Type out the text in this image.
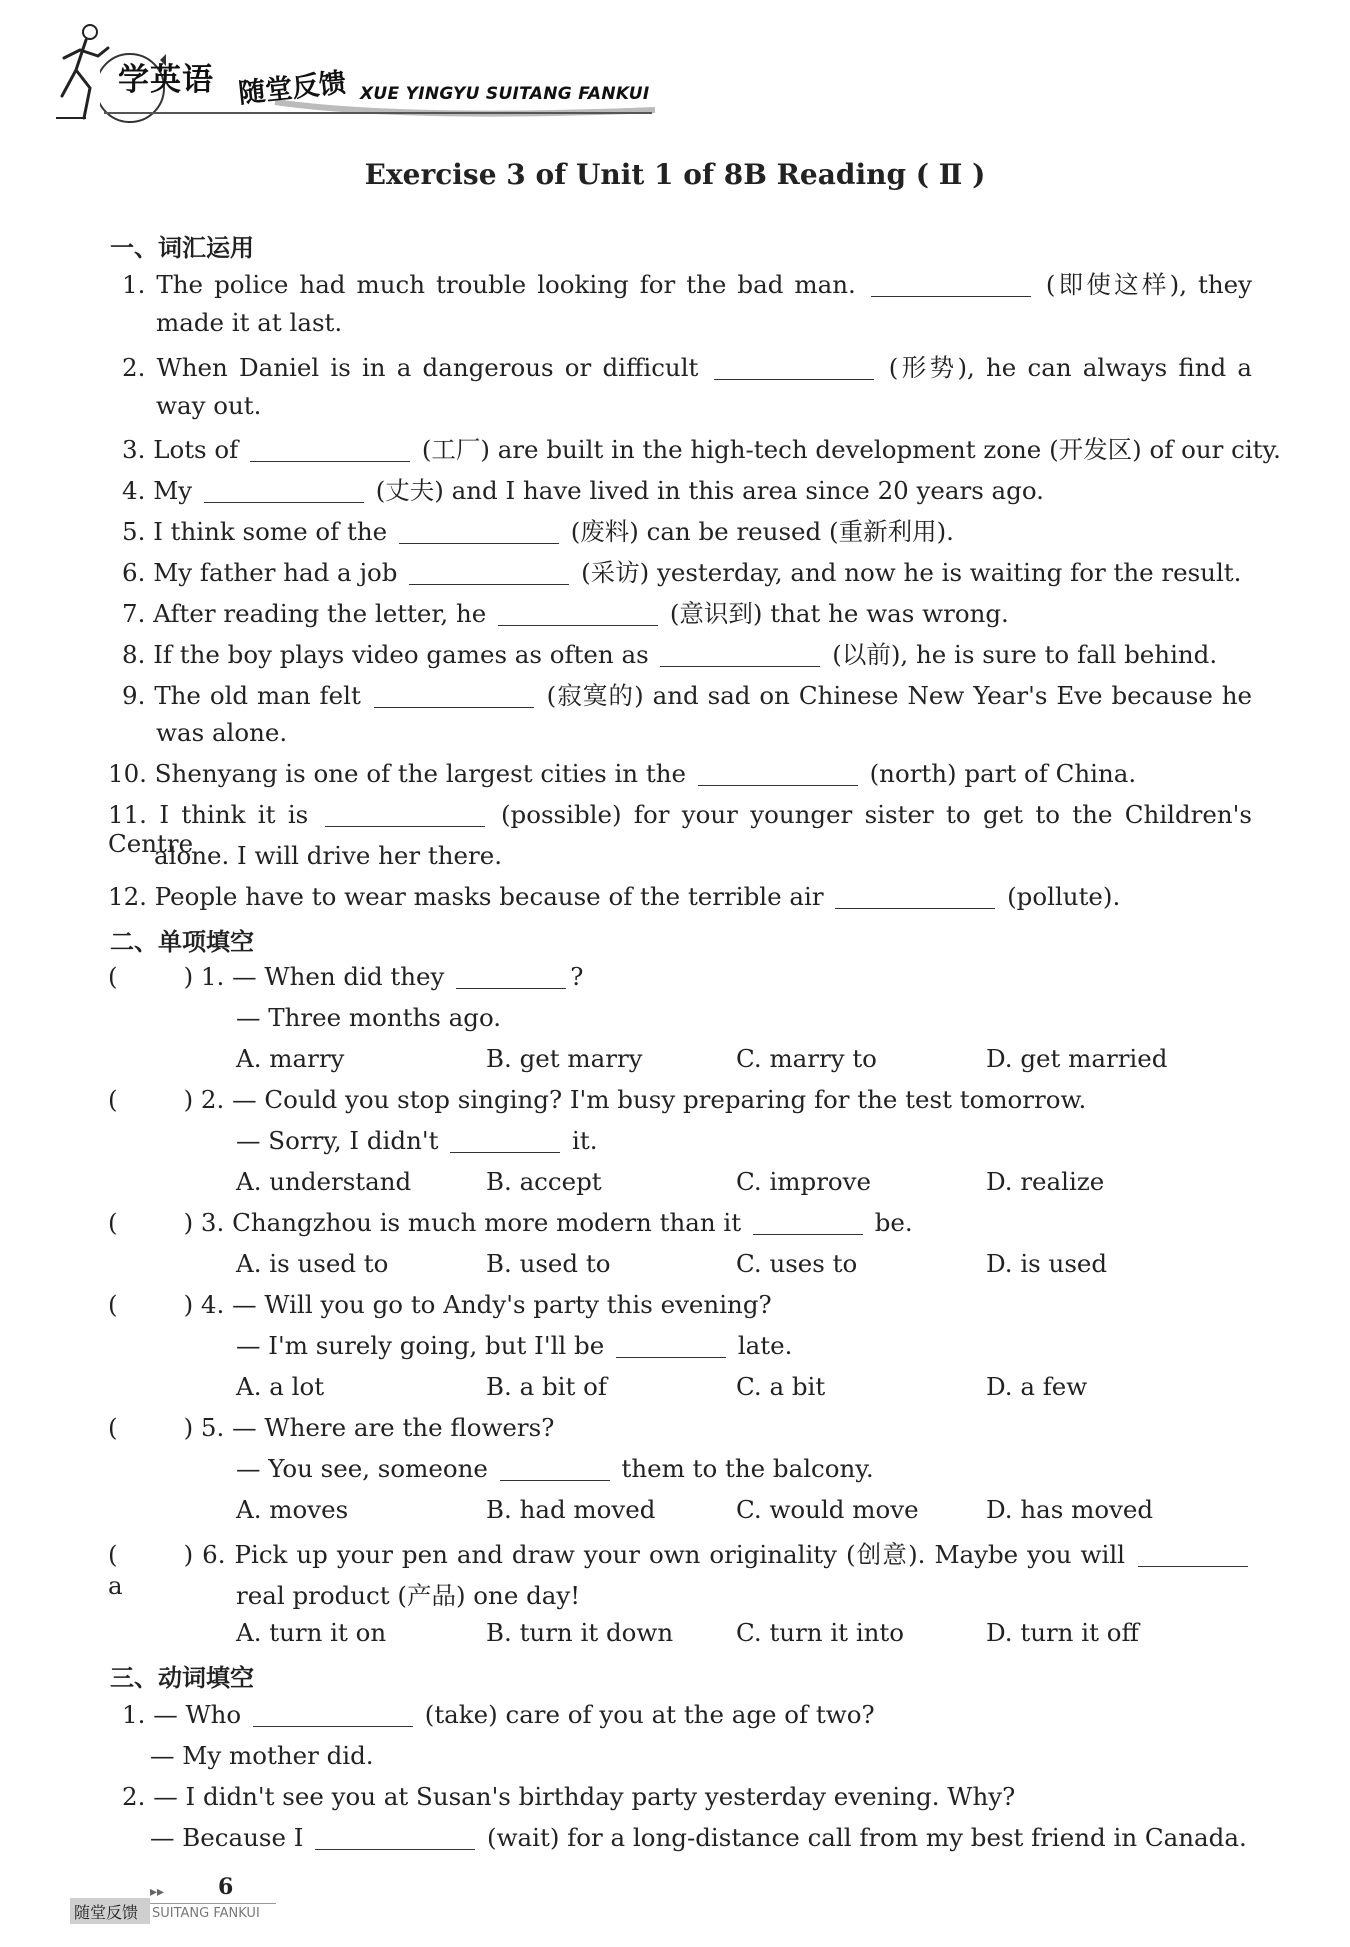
学英语 随堂反馈 XUE YINGYU SUITANG FANKUI
Exercise 3 of Unit 1 of 8B Reading ( Ⅱ )
一、词汇运用
1. The police had much trouble looking for the bad man.	(即使这样), they
made it at last.
2. When Daniel is in a dangerous or difficult	(形势), he can always find a
way out.
3. Lots of	(工厂) are built in the high-tech development zone (开发区) of our city.
4. My	(丈夫) and I have lived in this area since 20 years ago.
5. I think some of the	(废料) can be reused (重新利用).
6. My father had a job	(采访) yesterday, and now he is waiting for the result.
7. After reading the letter, he	(意识到) that he was wrong.
8. If the boy plays video games as often as	(以前), he is sure to fall behind.
9. The old man felt	(寂寞的) and sad on Chinese New Year's Eve because he
was alone.
10. Shenyang is one of the largest cities in the	(north) part of China.
11. I think it is	(possible) for your younger sister to get to the Children's Centre
alone. I will drive her there.
12. People have to wear masks because of the terrible air	(pollute).
二、单项填空
(	) 1. — When did they	?
— Three months ago.
A. marry	B. get marry	C. marry to	D. get married
(	) 2. — Could you stop singing? I'm busy preparing for the test tomorrow.
— Sorry, I didn't	it.
A. understand	B. accept	C. improve	D. realize
(	) 3. Changzhou is much more modern than it	be.
A. is used to	B. used to	C. uses to	D. is used
(	) 4. — Will you go to Andy's party this evening?
— I'm surely going, but I'll be	late.
A. a lot	B. a bit of	C. a bit	D. a few
(	) 5. — Where are the flowers?
— You see, someone	them to the balcony.
A. moves	B. had moved	C. would move	D. has moved
(	) 6. Pick up your pen and draw your own originality (创意). Maybe you will  a	real product (产品) one day!
A. turn it on	B. turn it down	C. turn it into	D. turn it off
三、动词填空
1. — Who	(take) care of you at the age of two?
— My mother did.
2. — I didn't see you at Susan's birthday party yesterday evening. Why?
— Because I	(wait) for a long-distance call from my best friend in Canada.
▸▸ 6
随堂反馈 SUITANG FANKUI
